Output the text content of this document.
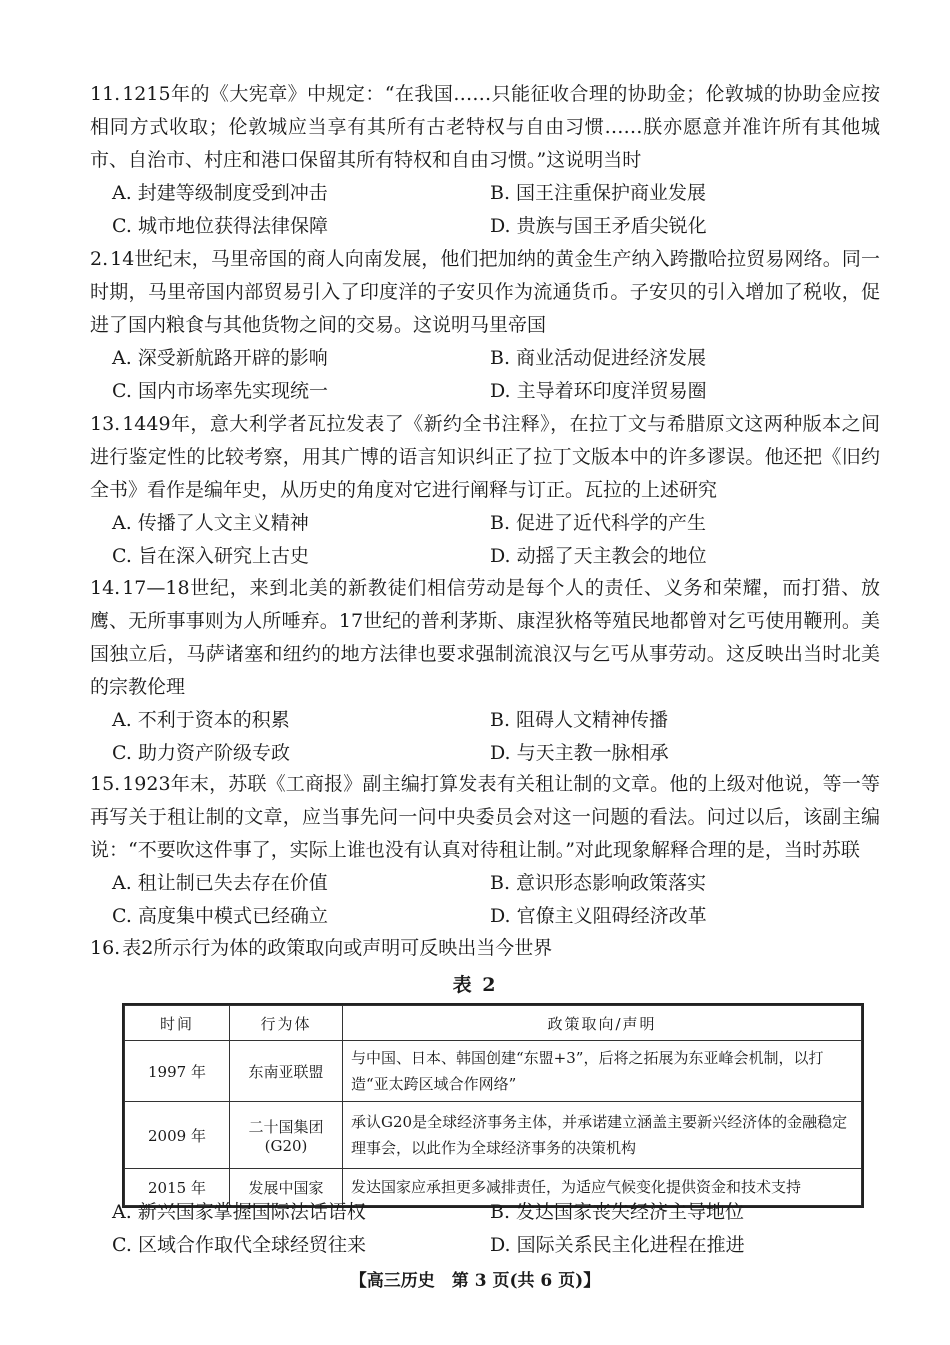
11. 1215年的《大宪章》中规定：“在我国……只能征收合理的协助金；伦敦城的协助金应按相同方式收取；伦敦城应当享有其所有古老特权与自由习惯……朕亦愿意并准许所有其他城市、自治市、村庄和港口保留其所有特权和自由习惯。”这说明当时

A. 封建等级制度受到冲击	B. 国王注重保护商业发展
C. 城市地位获得法律保障	D. 贵族与国王矛盾尖锐化

2. 14世纪末，马里帝国的商人向南发展，他们把加纳的黄金生产纳入跨撒哈拉贸易网络。同一时期，马里帝国内部贸易引入了印度洋的子安贝作为流通货币。子安贝的引入增加了税收，促进了国内粮食与其他货物之间的交易。这说明马里帝国

A. 深受新航路开辟的影响	B. 商业活动促进经济发展
C. 国内市场率先实现统一	D. 主导着环印度洋贸易圈

13. 1449年，意大利学者瓦拉发表了《新约全书注释》，在拉丁文与希腊原文这两种版本之间进行鉴定性的比较考察，用其广博的语言知识纠正了拉丁文版本中的许多谬误。他还把《旧约全书》看作是编年史，从历史的角度对它进行阐释与订正。瓦拉的上述研究

A. 传播了人文主义精神	B. 促进了近代科学的产生
C. 旨在深入研究上古史	D. 动摇了天主教会的地位

14. 17—18世纪，来到北美的新教徒们相信劳动是每个人的责任、义务和荣耀，而打猎、放鹰、无所事事则为人所唾弃。17世纪的普利茅斯、康涅狄格等殖民地都曾对乞丐使用鞭刑。美国独立后，马萨诸塞和纽约的地方法律也要求强制流浪汉与乞丐从事劳动。这反映出当时北美的宗教伦理

A. 不利于资本的积累	B. 阻碍人文精神传播
C. 助力资产阶级专政	D. 与天主教一脉相承

15. 1923年末，苏联《工商报》副主编打算发表有关租让制的文章。他的上级对他说，等一等再写关于租让制的文章，应当事先问一问中央委员会对这一问题的看法。问过以后，该副主编说：“不要吹这件事了，实际上谁也没有认真对待租让制。”对此现象解释合理的是，当时苏联

A. 租让制已失去存在价值	B. 意识形态影响政策落实
C. 高度集中模式已经确立	D. 官僚主义阻碍经济改革

16. 表2所示行为体的政策取向或声明可反映出当今世界

表 2
时间	行为体	政策取向/声明
1997 年	东南亚联盟	与中国、日本、韩国创建“东盟+3”，后将之拓展为东亚峰会机制，以打造“亚太跨区域合作网络”
2009 年	二十国集团(G20)	承认G20是全球经济事务主体，并承诺建立涵盖主要新兴经济体的金融稳定理事会，以此作为全球经济事务的决策机构
2015 年	发展中国家	发达国家应承担更多减排责任，为适应气候变化提供资金和技术支持
A. 新兴国家掌握国际法话语权	B. 发达国家丧失经济主导地位
C. 区域合作取代全球经贸往来	D. 国际关系民主化进程在推进
【高三历史　第 3 页(共 6 页)】
